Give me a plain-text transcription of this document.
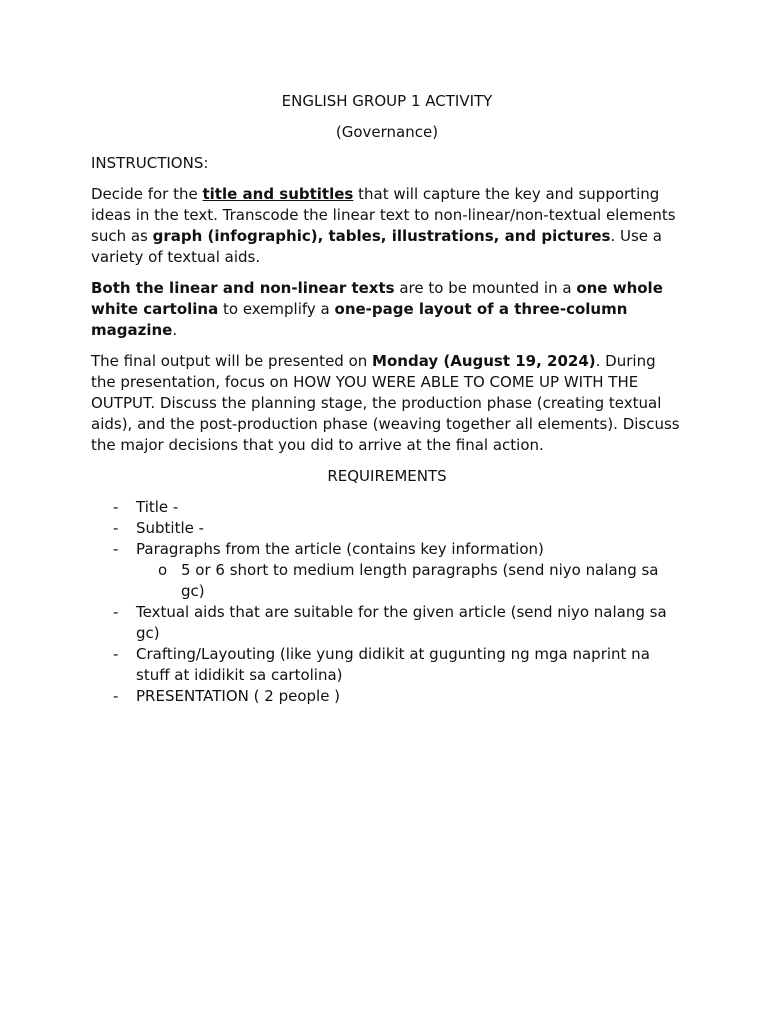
ENGLISH GROUP 1 ACTIVITY
(Governance)
INSTRUCTIONS:
Decide for the title and subtitles that will capture the key and supporting ideas in the text. Transcode the linear text to non-linear/non-textual elements such as graph (infographic), tables, illustrations, and pictures. Use a variety of textual aids.
Both the linear and non-linear texts are to be mounted in a one whole white cartolina to exemplify a one-page layout of a three-column magazine.
The final output will be presented on Monday (August 19, 2024). During the presentation, focus on HOW YOU WERE ABLE TO COME UP WITH THE OUTPUT. Discuss the planning stage, the production phase (creating textual aids), and the post-production phase (weaving together all elements). Discuss the major decisions that you did to arrive at the final action.
REQUIREMENTS
- Title -
- Subtitle -
- Paragraphs from the article (contains key information)
o 5 or 6 short to medium length paragraphs (send niyo nalang sa gc)
- Textual aids that are suitable for the given article (send niyo nalang sa gc)
- Crafting/Layouting (like yung didikit at gugunting ng mga naprint na stuff at ididikit sa cartolina)
- PRESENTATION ( 2 people )
